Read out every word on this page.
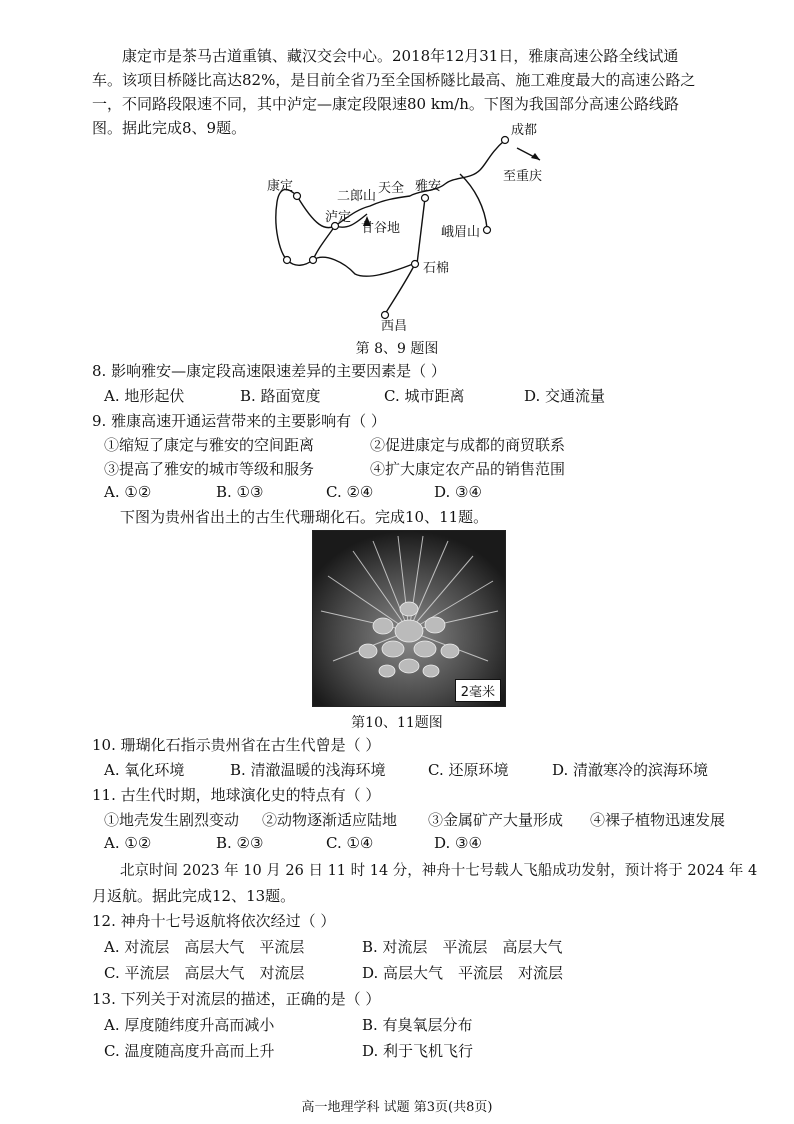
康定市是茶马古道重镇、藏汉交会中心。2018年12月31日，雅康高速公路全线试通车。该项目桥隧比高达82%，是目前全省乃至全国桥隧比最高、施工难度最大的高速公路之一，不同路段限速不同，其中泸定—康定段限速80 km/h。下图为我国部分高速公路线路图。据此完成8、9题。	成都
至重庆
康定
二郎山
天全 雅安
泸定
甘谷地	峨眉山
石棉
西昌
第 8、9 题图
8. 影响雅安—康定段高速限速差异的主要因素是（ ）
A. 地形起伏	B. 路面宽度	C. 城市距离	D. 交通流量
9. 雅康高速开通运营带来的主要影响有（ ）
①缩短了康定与雅安的空间距离	②促进康定与成都的商贸联系
③提高了雅安的城市等级和服务	④扩大康定农产品的销售范围
A. ①②	B. ①③	C. ②④	D. ③④
下图为贵州省出土的古生代珊瑚化石。完成10、11题。
2毫米
第10、11题图
10. 珊瑚化石指示贵州省在古生代曾是（ ）
A. 氧化环境	B. 清澈温暖的浅海环境	C. 还原环境	D. 清澈寒冷的滨海环境
11. 古生代时期，地球演化史的特点有（ ）
①地壳发生剧烈变动 ②动物逐渐适应陆地 ③金属矿产大量形成 ④裸子植物迅速发展
A. ①②	B. ②③	C. ①④	D. ③④
北京时间 2023 年 10 月 26 日 11 时 14 分，神舟十七号载人飞船成功发射，预计将于 2024 年 4
月返航。据此完成12、13题。
12. 神舟十七号返航将依次经过（ ）
A. 对流层　高层大气　平流层	B. 对流层　平流层　高层大气
C. 平流层　高层大气　对流层	D. 高层大气　平流层　对流层
13. 下列关于对流层的描述，正确的是（ ）
A. 厚度随纬度升高而减小	B. 有臭氧层分布
C. 温度随高度升高而上升	D. 利于飞机飞行
高一地理学科 试题 第3页(共8页)
